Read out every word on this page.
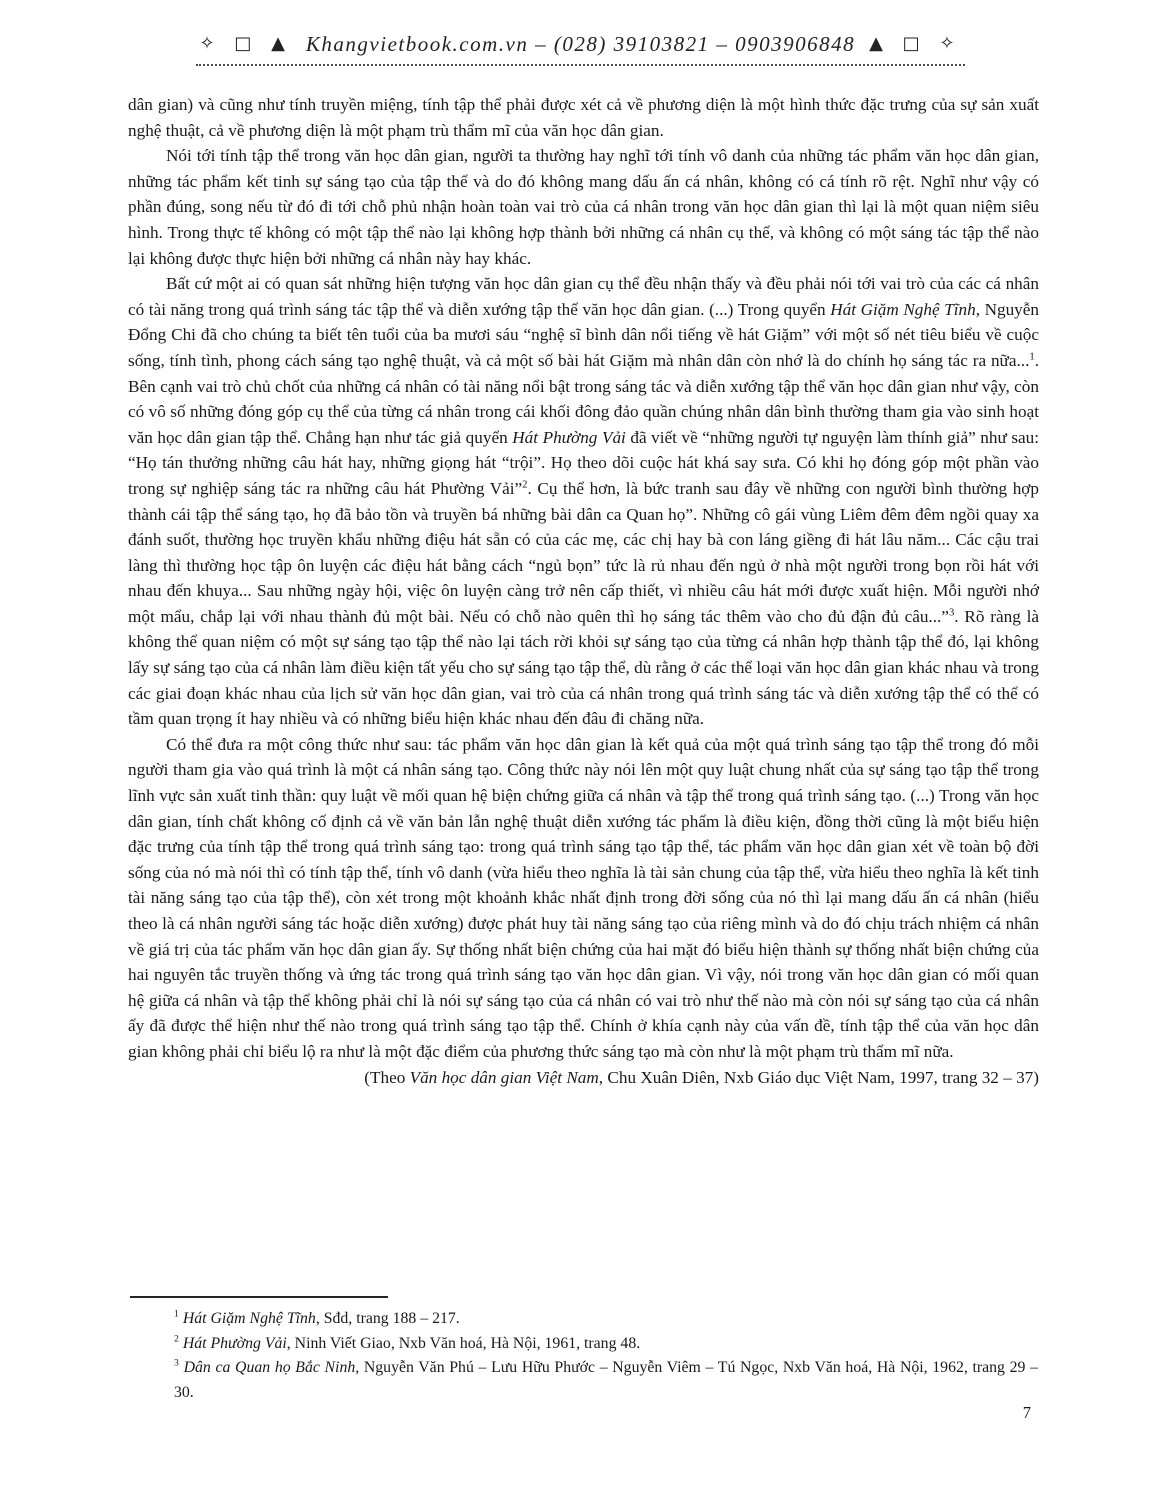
✧ □ ▲ Khangvietbook.com.vn – (028) 39103821 – 0903906848 ▲ □ ✧

dân gian) và cũng như tính truyền miệng, tính tập thể phải được xét cả về phương diện là một hình thức đặc trưng của sự sản xuất nghệ thuật, cả về phương diện là một phạm trù thẩm mĩ của văn học dân gian.

Nói tới tính tập thể trong văn học dân gian, người ta thường hay nghĩ tới tính vô danh của những tác phẩm văn học dân gian, những tác phẩm kết tinh sự sáng tạo của tập thể và do đó không mang dấu ấn cá nhân, không có cá tính rõ rệt. Nghĩ như vậy có phần đúng, song nếu từ đó đi tới chỗ phủ nhận hoàn toàn vai trò của cá nhân trong văn học dân gian thì lại là một quan niệm siêu hình. Trong thực tế không có một tập thể nào lại không hợp thành bởi những cá nhân cụ thể, và không có một sáng tác tập thể nào lại không được thực hiện bởi những cá nhân này hay khác.

Bất cứ một ai có quan sát những hiện tượng văn học dân gian cụ thể đều nhận thấy và đều phải nói tới vai trò của các cá nhân có tài năng trong quá trình sáng tác tập thể và diễn xướng tập thể văn học dân gian. (...) Trong quyển Hát Giặm Nghệ Tĩnh, Nguyễn Đổng Chi đã cho chúng ta biết tên tuổi của ba mươi sáu “nghệ sĩ bình dân nổi tiếng về hát Giặm” với một số nét tiêu biểu về cuộc sống, tính tình, phong cách sáng tạo nghệ thuật, và cả một số bài hát Giặm mà nhân dân còn nhớ là do chính họ sáng tác ra nữa...$^1$. Bên cạnh vai trò chủ chốt của những cá nhân có tài năng nổi bật trong sáng tác và diễn xướng tập thể văn học dân gian như vậy, còn có vô số những đóng góp cụ thể của từng cá nhân trong cái khối đông đảo quần chúng nhân dân bình thường tham gia vào sinh hoạt văn học dân gian tập thể. Chẳng hạn như tác giả quyển Hát Phường Vải đã viết về “những người tự nguyện làm thính giả” như sau: “Họ tán thưởng những câu hát hay, những giọng hát “trội”. Họ theo dõi cuộc hát khá say sưa. Có khi họ đóng góp một phần vào trong sự nghiệp sáng tác ra những câu hát Phường Vải”$^2$. Cụ thể hơn, là bức tranh sau đây về những con người bình thường hợp thành cái tập thể sáng tạo, họ đã bảo tồn và truyền bá những bài dân ca Quan họ”. Những cô gái vùng Liêm đêm đêm ngồi quay xa đánh suốt, thường học truyền khẩu những điệu hát sẵn có của các mẹ, các chị hay bà con láng giềng đi hát lâu năm... Các cậu trai làng thì thường học tập ôn luyện các điệu hát bằng cách “ngủ bọn” tức là rủ nhau đến ngủ ở nhà một người trong bọn rồi hát với nhau đến khuya... Sau những ngày hội, việc ôn luyện càng trở nên cấp thiết, vì nhiều câu hát mới được xuất hiện. Mỗi người nhớ một mẩu, chắp lại với nhau thành đủ một bài. Nếu có chỗ nào quên thì họ sáng tác thêm vào cho đủ đận đủ câu...”$^3$. Rõ ràng là không thể quan niệm có một sự sáng tạo tập thể nào lại tách rời khỏi sự sáng tạo của từng cá nhân hợp thành tập thể đó, lại không lấy sự sáng tạo của cá nhân làm điều kiện tất yếu cho sự sáng tạo tập thể, dù rằng ở các thể loại văn học dân gian khác nhau và trong các giai đoạn khác nhau của lịch sử văn học dân gian, vai trò của cá nhân trong quá trình sáng tác và diễn xướng tập thể có thể có tầm quan trọng ít hay nhiều và có những biểu hiện khác nhau đến đâu đi chăng nữa.

Có thể đưa ra một công thức như sau: tác phẩm văn học dân gian là kết quả của một quá trình sáng tạo tập thể trong đó mỗi người tham gia vào quá trình là một cá nhân sáng tạo. Công thức này nói lên một quy luật chung nhất của sự sáng tạo tập thể trong lĩnh vực sản xuất tinh thần: quy luật về mối quan hệ biện chứng giữa cá nhân và tập thể trong quá trình sáng tạo. (...) Trong văn học dân gian, tính chất không cố định cả về văn bản lẫn nghệ thuật diễn xướng tác phẩm là điều kiện, đồng thời cũng là một biểu hiện đặc trưng của tính tập thể trong quá trình sáng tạo: trong quá trình sáng tạo tập thể, tác phẩm văn học dân gian xét về toàn bộ đời sống của nó mà nói thì có tính tập thể, tính vô danh (vừa hiểu theo nghĩa là tài sản chung của tập thể, vừa hiểu theo nghĩa là kết tinh tài năng sáng tạo của tập thể), còn xét trong một khoảnh khắc nhất định trong đời sống của nó thì lại mang dấu ấn cá nhân (hiểu theo là cá nhân người sáng tác hoặc diễn xướng) được phát huy tài năng sáng tạo của riêng mình và do đó chịu trách nhiệm cá nhân về giá trị của tác phẩm văn học dân gian ấy. Sự thống nhất biện chứng của hai mặt đó biểu hiện thành sự thống nhất biện chứng của hai nguyên tắc truyền thống và ứng tác trong quá trình sáng tạo văn học dân gian. Vì vậy, nói trong văn học dân gian có mối quan hệ giữa cá nhân và tập thể không phải chỉ là nói sự sáng tạo của cá nhân có vai trò như thế nào mà còn nói sự sáng tạo của cá nhân ấy đã được thể hiện như thế nào trong quá trình sáng tạo tập thể. Chính ở khía cạnh này của vấn đề, tính tập thể của văn học dân gian không phải chỉ biểu lộ ra như là một đặc điểm của phương thức sáng tạo mà còn như là một phạm trù thẩm mĩ nữa.

(Theo Văn học dân gian Việt Nam, Chu Xuân Diên, Nxb Giáo dục Việt Nam, 1997, trang 32 – 37)

$^1$ Hát Giặm Nghệ Tĩnh, Sđd, trang 188 – 217.

$^2$ Hát Phường Vải, Ninh Viết Giao, Nxb Văn hoá, Hà Nội, 1961, trang 48.

$^3$ Dân ca Quan họ Bắc Ninh, Nguyễn Văn Phú – Lưu Hữu Phước – Nguyễn Viêm – Tú Ngọc, Nxb Văn hoá, Hà Nội, 1962, trang 29 – 30.

7
